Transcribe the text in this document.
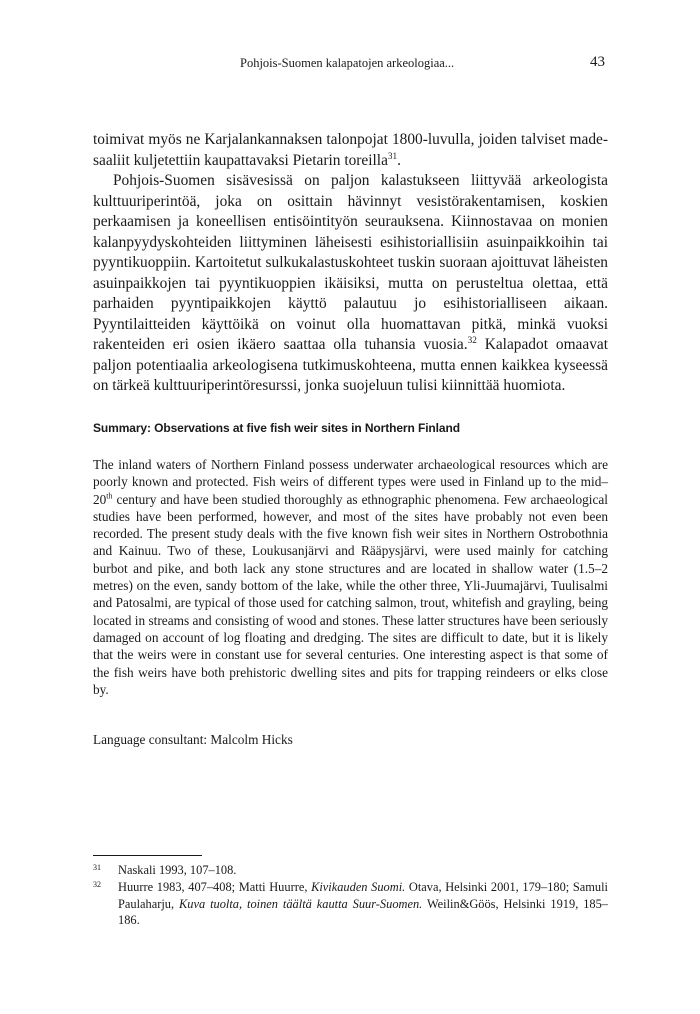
Pohjois-Suomen kalapatojen arkeologiaa...	43

toimivat myös ne Karjalankannaksen talonpojat 1800-luvulla, joiden talviset made-saaliit kuljetettiin kaupattavaksi Pietarin toreilla$^{31}$.

Pohjois-Suomen sisävesissä on paljon kalastukseen liittyvää arkeologista kulttuuriperintöä, joka on osittain hävinnyt vesistörakentamisen, koskien perkaamisen ja koneellisen entisöintityön seurauksena. Kiinnostavaa on monien kalanpyydyskohteiden liittyminen läheisesti esihistoriallisiin asuinpaikkoihin tai pyyntikuoppiin. Kartoitetut sulkukalastuskohteet tuskin suoraan ajoittuvat läheisten asuinpaikkojen tai pyyntikuoppien ikäisiksi, mutta on perusteltua olettaa, että parhaiden pyyntipaikkojen käyttö palautuu jo esihistorialliseen aikaan. Pyyntilaitteiden käyttöikä on voinut olla huomattavan pitkä, minkä vuoksi rakenteiden eri osien ikäero saattaa olla tuhansia vuosia.$^{32}$ Kalapadot omaavat paljon potentiaalia arkeologisena tutkimuskohteena, mutta ennen kaikkea kyseessä on tärkeä kulttuuriperintöresurssi, jonka suojeluun tulisi kiinnittää huomiota.

Summary: Observations at five fish weir sites in Northern Finland
The inland waters of Northern Finland possess underwater archaeological resources which are poorly known and protected. Fish weirs of different types were used in Finland up to the mid–20th century and have been studied thoroughly as ethnographic phenomena. Few archaeological studies have been performed, however, and most of the sites have probably not even been recorded. The present study deals with the five known fish weir sites in Northern Ostrobothnia and Kainuu. Two of these, Loukusanjärvi and Rääpysjärvi, were used mainly for catching burbot and pike, and both lack any stone structures and are located in shallow water (1.5–2 metres) on the even, sandy bottom of the lake, while the other three, Yli-Juumajärvi, Tuulisalmi and Patosalmi, are typical of those used for catching salmon, trout, whitefish and grayling, being located in streams and consisting of wood and stones. These latter structures have been seriously damaged on account of log floating and dredging. The sites are difficult to date, but it is likely that the weirs were in constant use for several centuries. One interesting aspect is that some of the fish weirs have both prehistoric dwelling sites and pits for trapping reindeers or elks close by.
Language consultant: Malcolm Hicks
31 Naskali 1993, 107–108.
32 Huurre 1983, 407–408; Matti Huurre, Kivikauden Suomi. Otava, Helsinki 2001, 179–180; Samuli Paulaharju, Kuva tuolta, toinen täältä kautta Suur-Suomen. Weilin&Göös, Helsinki 1919, 185–186.
